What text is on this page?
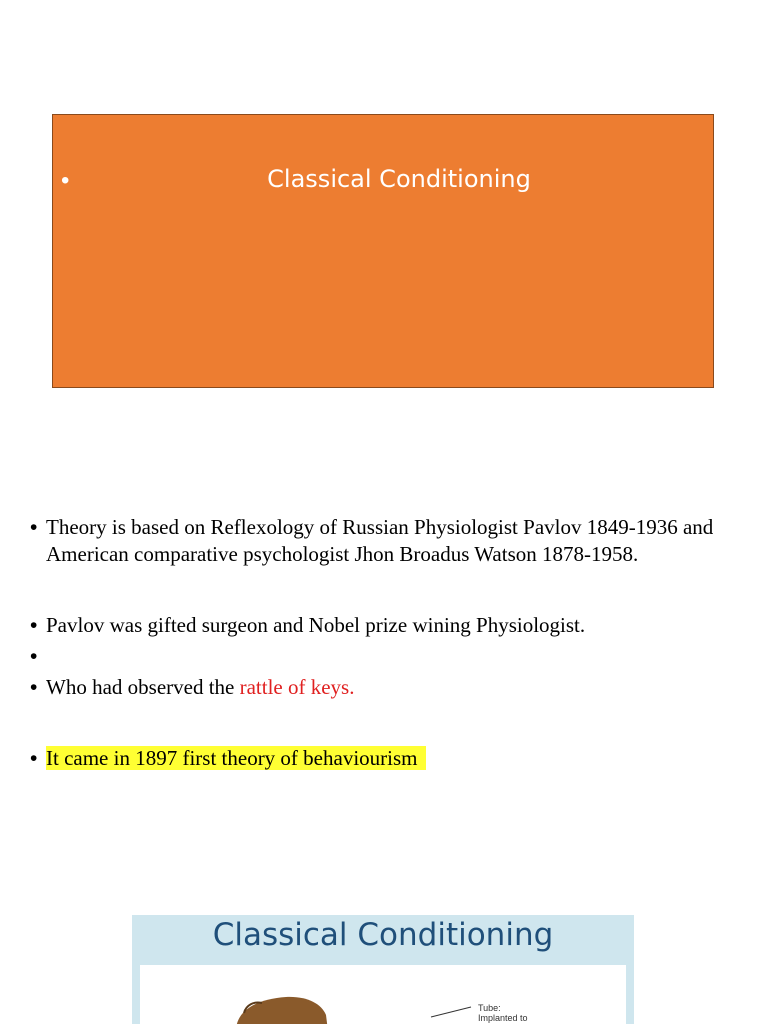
•	Classical Conditioning
• Theory is based on Reflexology of Russian Physiologist Pavlov 1849-1936 and American comparative psychologist Jhon Broadus Watson 1878-1958.
• Pavlov was gifted surgeon and Nobel prize wining Physiologist.
•
• Who had observed the rattle of keys.
• It came in 1897 first theory of behaviourism
Classical Conditioning
Tube:
Implanted to
